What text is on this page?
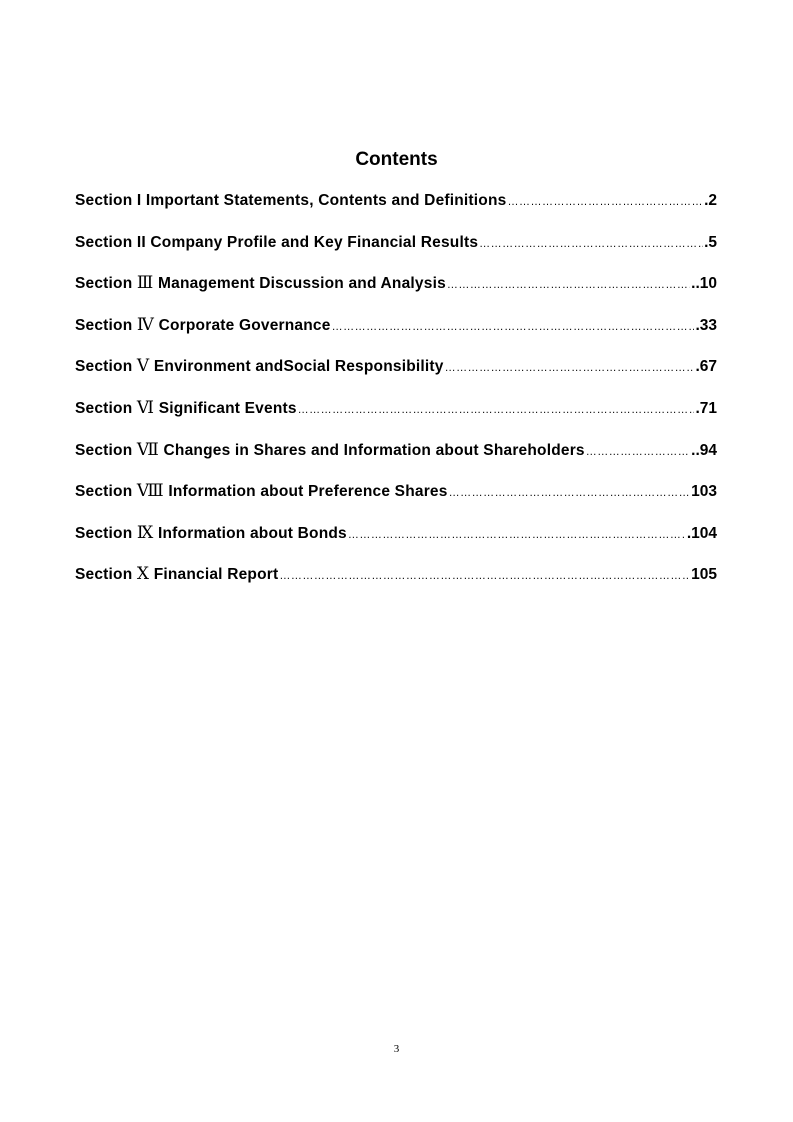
Contents
Section I Important Statements, Contents and Definitions …………………………………………………………………………………………………………………………………………………………	.2
Section II Company Profile and Key Financial Results …………………………………………………………………………………………………………………………………………………………	.5
Section Ⅲ Management Discussion and Analysis …………………………………………………………………………………………………………………………………………………………	..10
Section Ⅳ Corporate Governance …………………………………………………………………………………………………………………………………………………………	.33
Section Ⅴ Environment andSocial Responsibility …………………………………………………………………………………………………………………………………………………………	.67
Section Ⅵ Significant Events …………………………………………………………………………………………………………………………………………………………	.71
Section Ⅶ Changes in Shares and Information about Shareholders …………………………………………………………………………………………………………………………………………………………	..94
Section Ⅷ Information about Preference Shares …………………………………………………………………………………………………………………………………………………………	103
Section Ⅸ Information about Bonds …………………………………………………………………………………………………………………………………………………………	.104
Section Ⅹ Financial Report …………………………………………………………………………………………………………………………………………………………	105
3
